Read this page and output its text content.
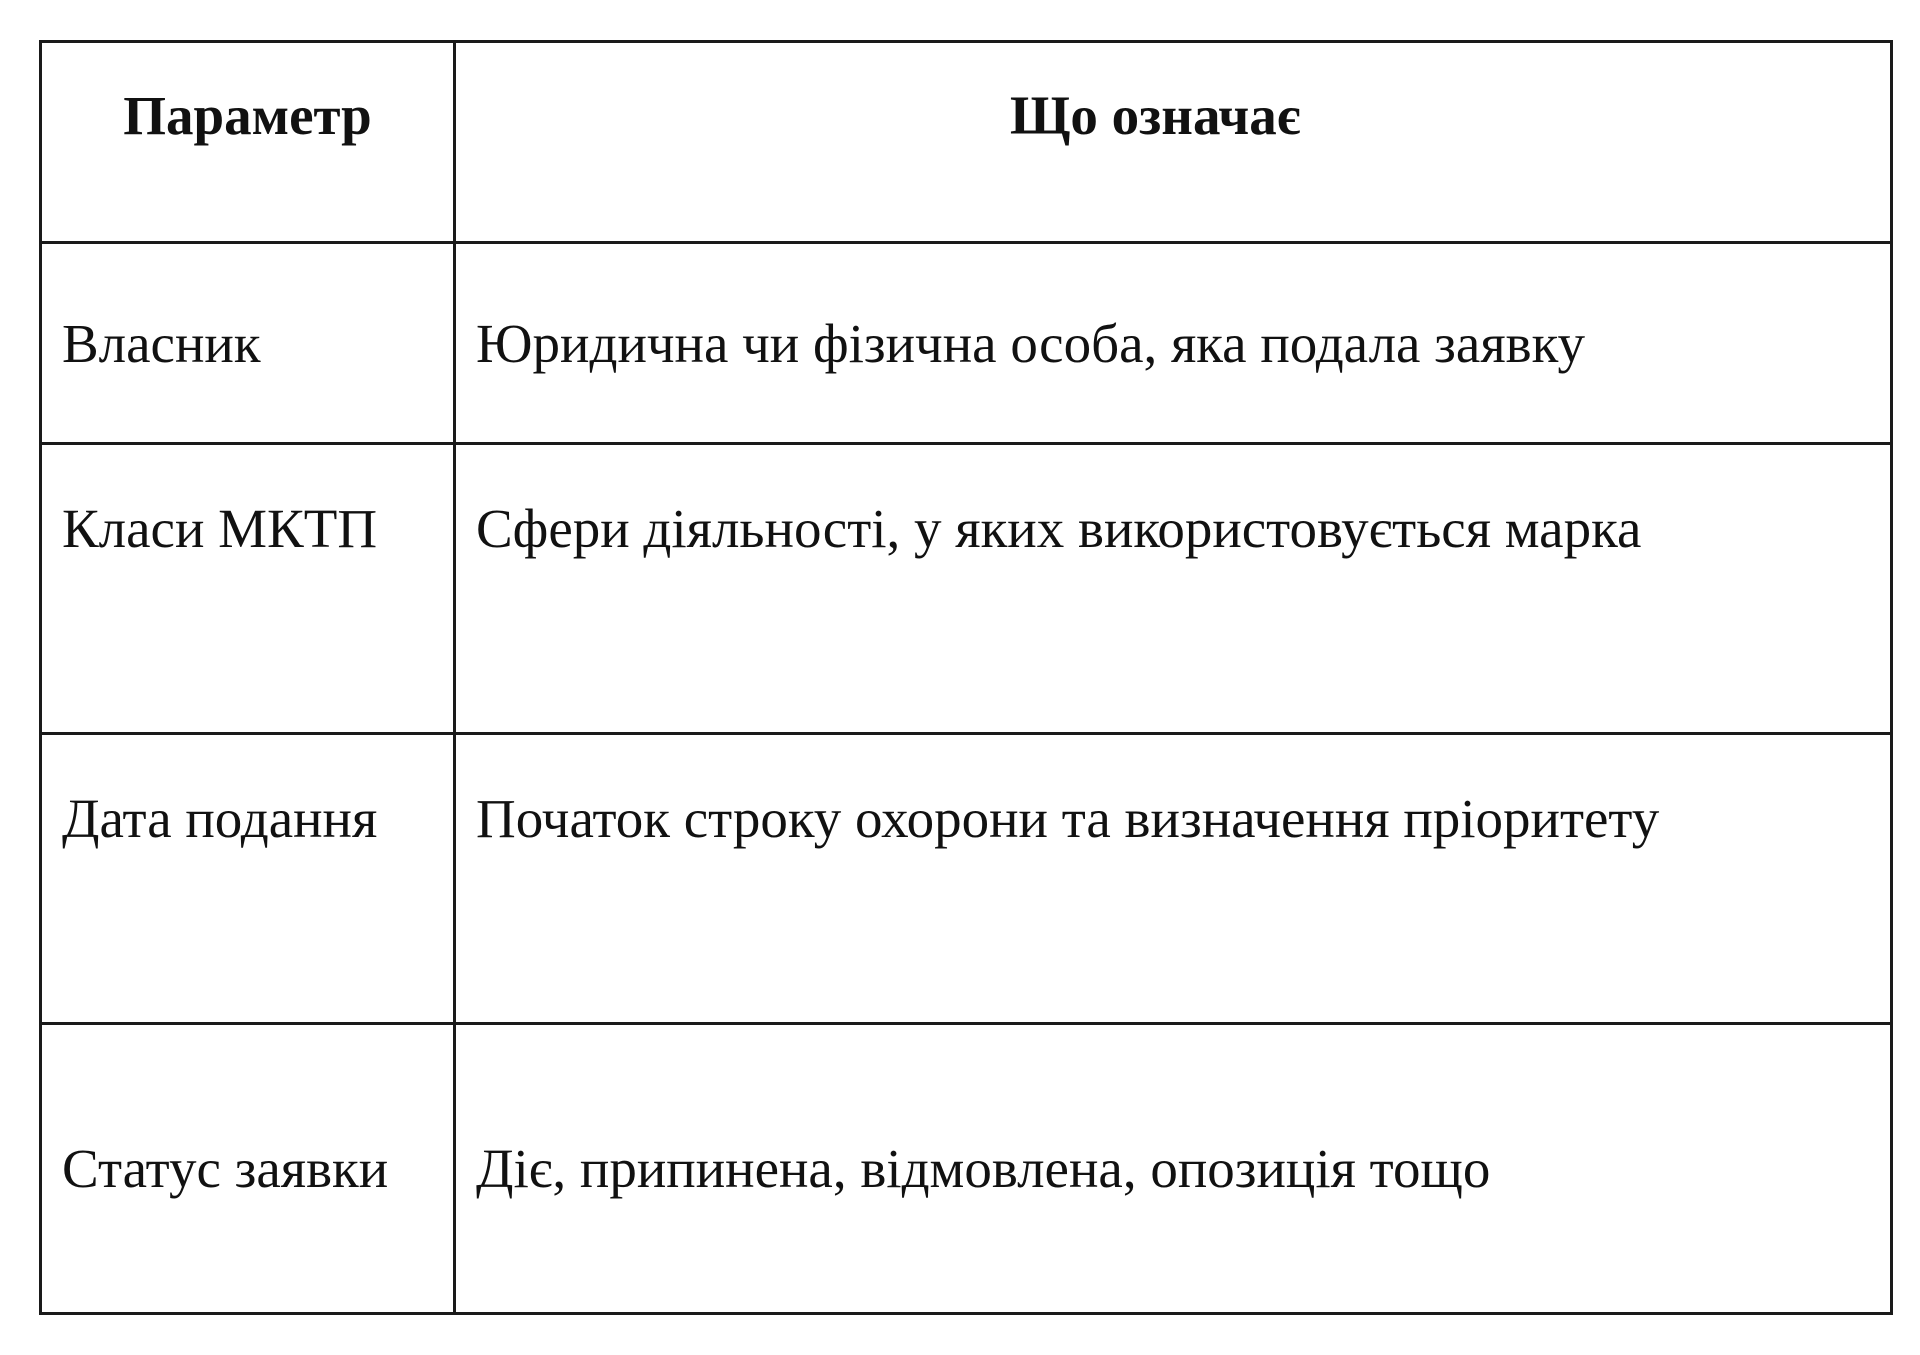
Параметр	Що означає

Власник	Юридична чи фізична особа, яка подала заявку

Класи МКТП	Сфери діяльності, у яких використовується марка

Дата подання	Початок строку охорони та визначення пріоритету

Статус заявки	Діє, припинена, відмовлена, опозиція тощо
